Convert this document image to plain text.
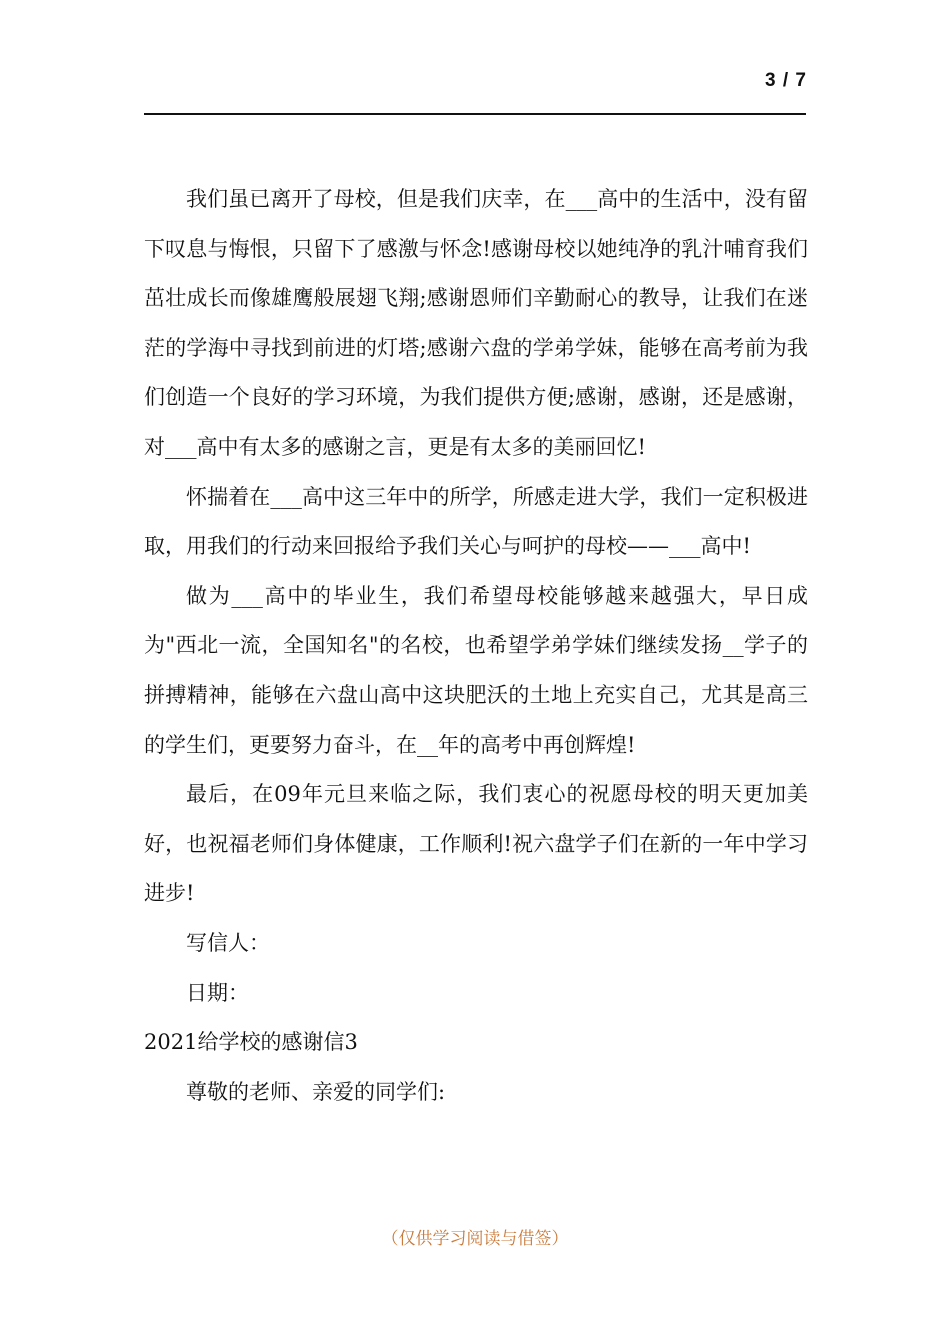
3 / 7

我们虽已离开了母校，但是我们庆幸，在___高中的生活中，没有留下叹息与悔恨，只留下了感激与怀念!感谢母校以她纯净的乳汁哺育我们茁壮成长而像雄鹰般展翅飞翔;感谢恩师们辛勤耐心的教导，让我们在迷茫的学海中寻找到前进的灯塔;感谢六盘的学弟学妹，能够在高考前为我们创造一个良好的学习环境，为我们提供方便;感谢，感谢，还是感谢，对___高中有太多的感谢之言，更是有太多的美丽回忆!

怀揣着在___高中这三年中的所学，所感走进大学，我们一定积极进取，用我们的行动来回报给予我们关心与呵护的母校——___高中!

做为___高中的毕业生，我们希望母校能够越来越强大，早日成为"西北一流，全国知名"的名校，也希望学弟学妹们继续发扬__学子的拼搏精神，能够在六盘山高中这块肥沃的土地上充实自己，尤其是高三的学生们，更要努力奋斗，在__年的高考中再创辉煌!

最后，在09年元旦来临之际，我们衷心的祝愿母校的明天更加美好，也祝福老师们身体健康，工作顺利!祝六盘学子们在新的一年中学习进步!

写信人：

日期：

2021给学校的感谢信3

尊敬的老师、亲爱的同学们:

（仅供学习阅读与借签）
